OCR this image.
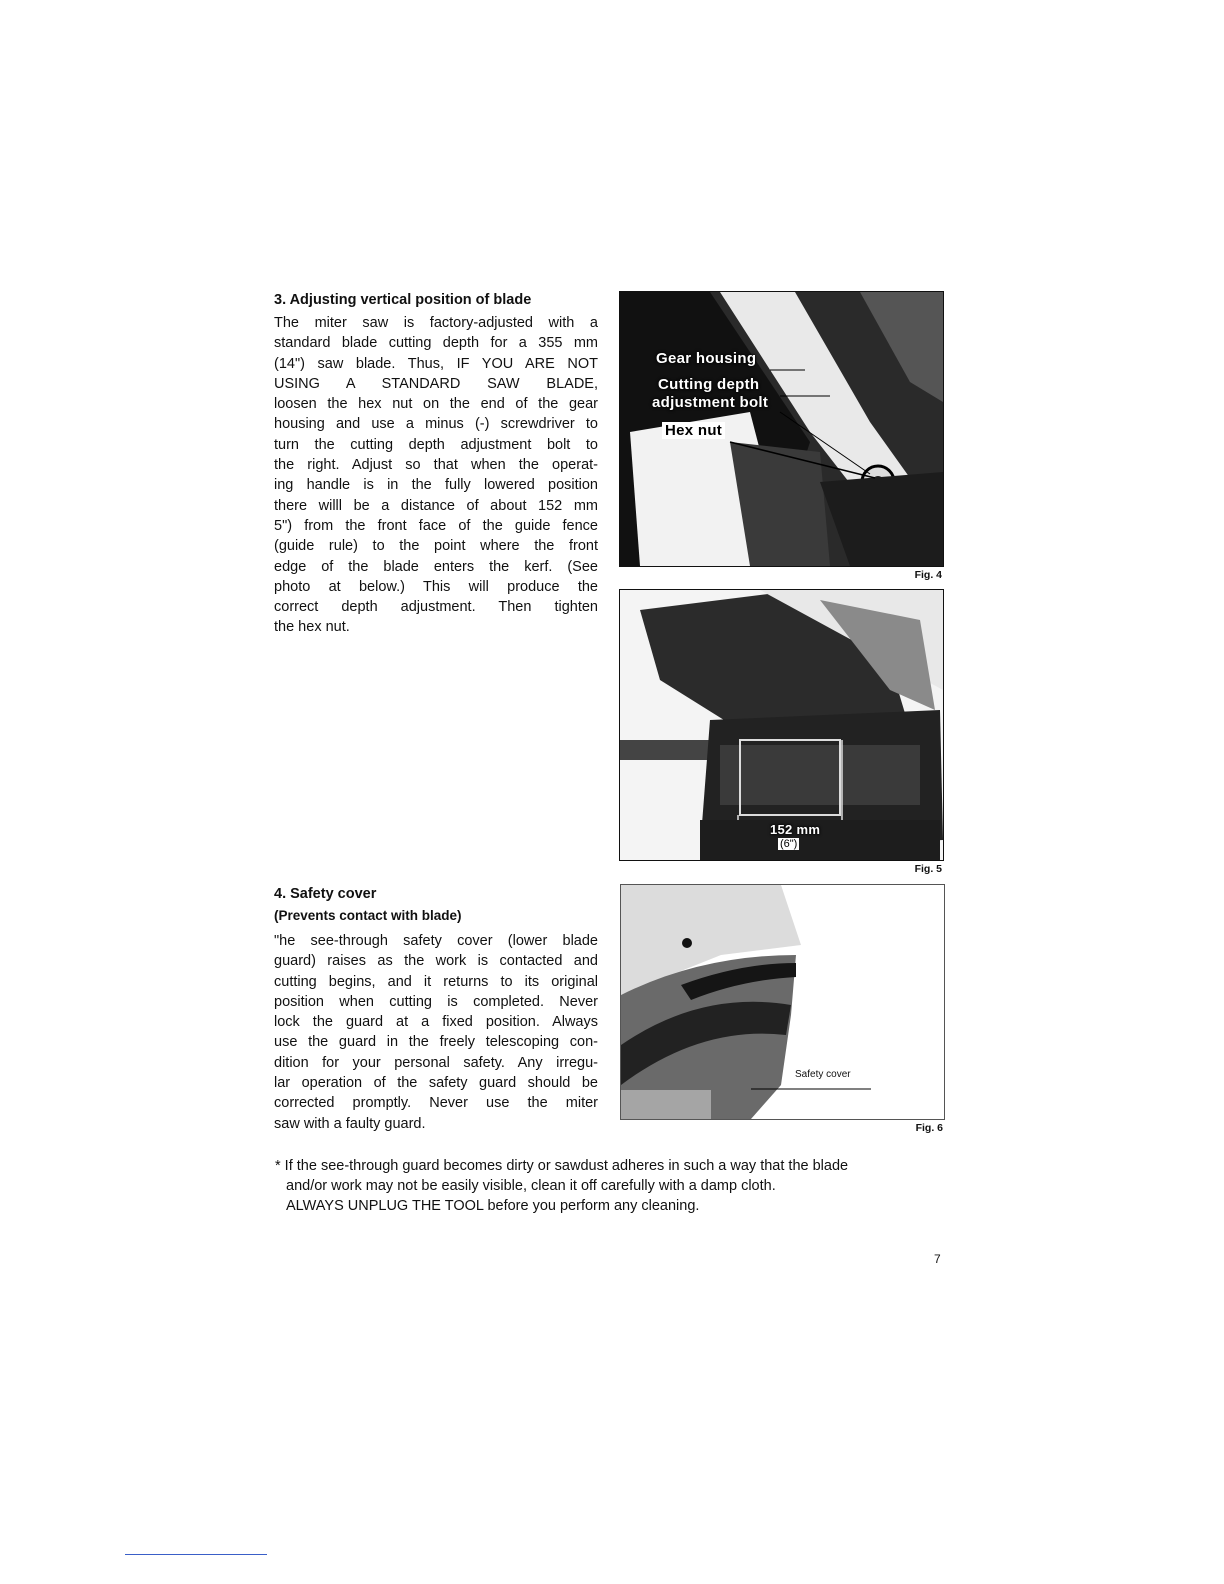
3. Adjusting vertical position of blade
The miter saw is factory-adjusted with a
standard blade cutting depth for a 355 mm
(14") saw blade. Thus, IF YOU ARE NOT
USING A STANDARD SAW BLADE,
loosen the hex nut on the end of the gear
housing and use a minus (-) screwdriver to
turn the cutting depth adjustment bolt to
the right. Adjust so that when the operat-
ing handle is in the fully lowered position
there willl be a distance of about 152 mm
5") from the front face of the guide fence
(guide rule) to the point where the front
edge of the blade enters the kerf. (See
photo at below.) This will produce the
correct depth adjustment. Then tighten
the hex nut.
Gear housing
Cutting depth
adjustment bolt
Hex nut
Fig. 4
152 mm
(6")
Fig. 5
4. Safety cover
(Prevents contact with blade)
"he see-through safety cover (lower blade
guard) raises as the work is contacted and
cutting begins, and it returns to its original
position when cutting is completed. Never
lock the guard at a fixed position. Always
use the guard in the freely telescoping con-
dition for your personal safety. Any irregu-
lar operation of the safety guard should be
corrected promptly. Never use the miter
saw with a faulty guard.
Safety cover
Fig. 6
* If the see-through guard becomes dirty or sawdust adheres in such a way that the blade
and/or work may not be easily visible, clean it off carefully with a damp cloth.
ALWAYS UNPLUG THE TOOL before you perform any cleaning.
7
